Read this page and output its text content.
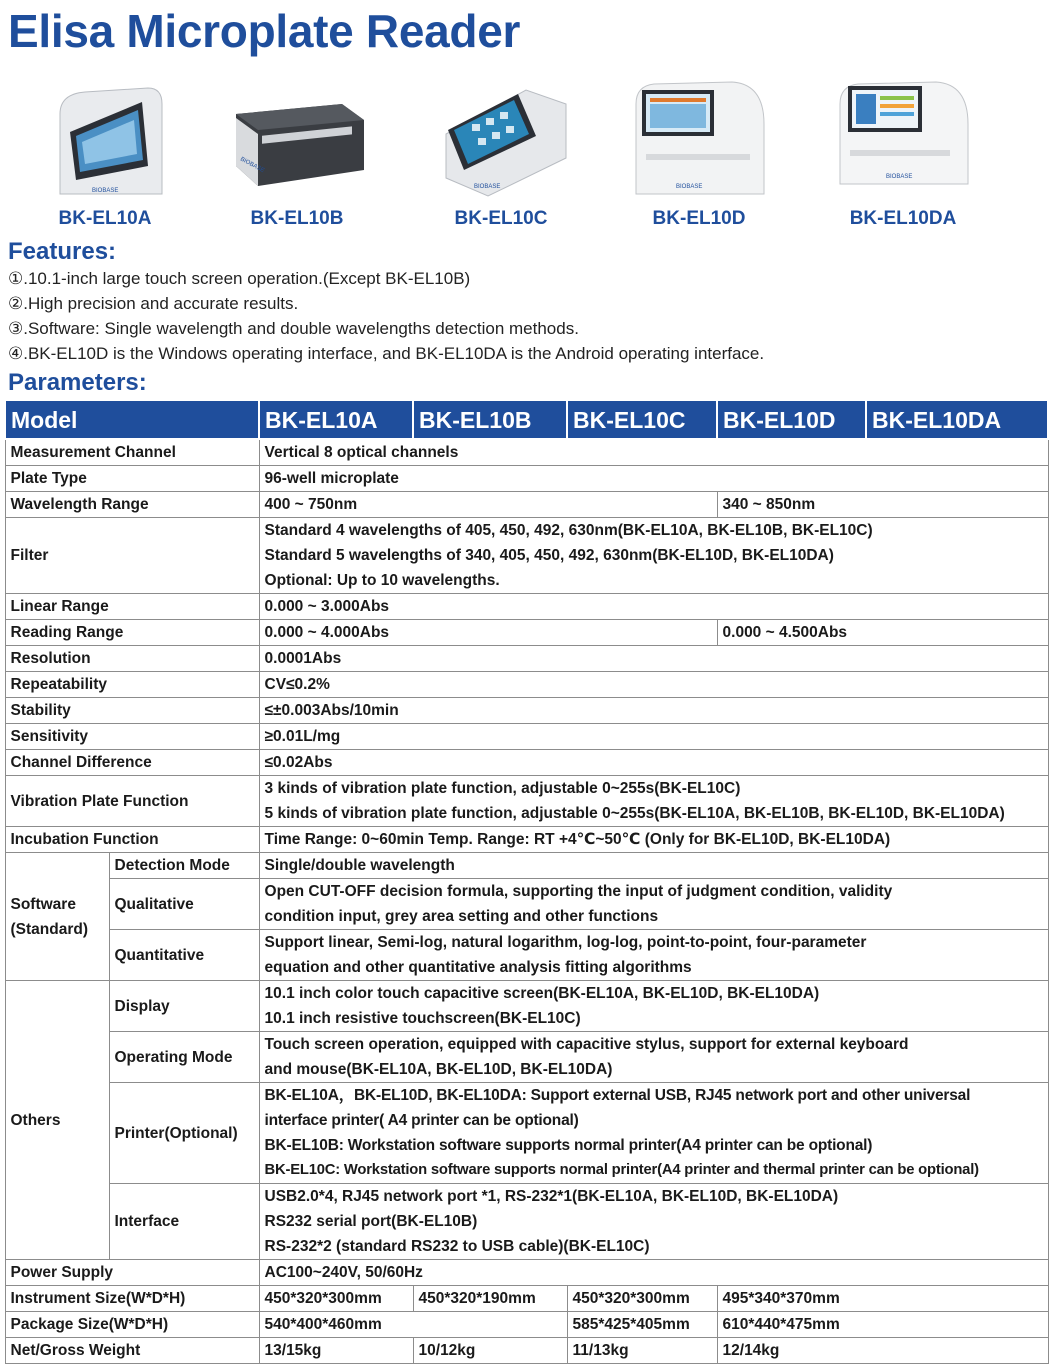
Elisa Microplate Reader
BIOBASE
BK-EL10A
BIOBASE
BK-EL10B
BIOBASE
BK-EL10C
BIOBASE
BK-EL10D
BIOBASE
BK-EL10DA
Features:
①.10.1-inch large touch screen operation.(Except BK-EL10B)
②.High precision and accurate results.
③.Software: Single wavelength and double wavelengths detection methods.
④.BK-EL10D is the Windows operating interface, and BK-EL10DA is the Android operating interface.
Parameters:
Model		BK-EL10A	BK-EL10B	BK-EL10C	BK-EL10D	BK-EL10DA
Measurement Channel		Vertical 8 optical channels				
Plate Type		96-well microplate				
Wavelength Range		400 ~ 750nm			340 ~ 850nm	
Filter		Standard 4 wavelengths of 405, 450, 492, 630nm(BK-EL10A, BK-EL10B, BK-EL10C)
Standard 5 wavelengths of 340, 405, 450, 492, 630nm(BK-EL10D, BK-EL10DA)
Optional: Up to 10 wavelengths.				

Linear Range		0.000 ~ 3.000Abs				
Reading Range		0.000 ~ 4.000Abs			0.000 ~ 4.500Abs	
Resolution		0.0001Abs				
Repeatability		CV≤0.2%				
Stability		≤±0.003Abs/10min				
Sensitivity		≥0.01L/mg				
Channel Difference		≤0.02Abs				
Vibration Plate Function		3 kinds of vibration plate function, adjustable 0~255s(BK-EL10C)
5 kinds of vibration plate function, adjustable 0~255s(BK-EL10A, BK-EL10B, BK-EL10D, BK-EL10DA)				

Incubation Function		Time Range: 0~60min Temp. Range: RT +4℃~50℃ (Only for BK-EL10D, BK-EL10DA)				

Software
(Standard)	Detection Mode	Single/double wavelength				
	Qualitative	Open CUT-OFF decision formula, supporting the input of judgment condition, validity
condition input, grey area setting and other functions				

	Quantitative	Support linear, Semi-log, natural logarithm, log-log, point-to-point, four-parameter
equation and other quantitative analysis fitting algorithms				

Others	Display	10.1 inch color touch capacitive screen(BK-EL10A, BK-EL10D, BK-EL10DA)
10.1 inch resistive touchscreen(BK-EL10C)				

	Operating Mode	Touch screen operation, equipped with capacitive stylus, support for external keyboard
and mouse(BK-EL10A, BK-EL10D, BK-EL10DA)				

	Printer(Optional)	BK-EL10A，BK-EL10D, BK-EL10DA: Support external USB, RJ45 network port and other universal
interface printer( A4 printer can be optional)
BK-EL10B: Workstation software supports normal printer(A4 printer can be optional)
BK-EL10C: Workstation software supports normal printer(A4 printer and thermal printer can be optional)				

	Interface	USB2.0*4, RJ45 network port *1, RS-232*1(BK-EL10A, BK-EL10D, BK-EL10DA)
RS232 serial port(BK-EL10B)
RS-232*2 (standard RS232 to USB cable)(BK-EL10C)				

Power Supply		AC100~240V, 50/60Hz				
Instrument Size(W*D*H)		450*320*300mm	450*320*190mm	450*320*300mm	495*340*370mm	
Package Size(W*D*H)		540*400*460mm		585*425*405mm	610*440*475mm	
Net/Gross Weight		13/15kg	10/12kg	11/13kg	12/14kg	
